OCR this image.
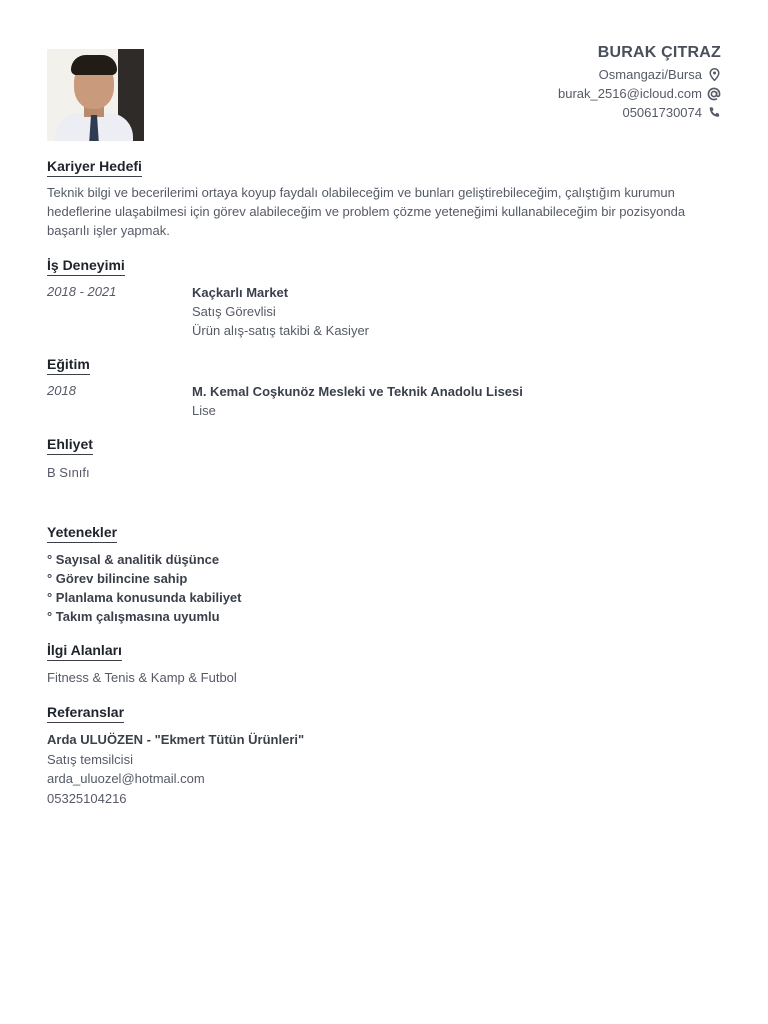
BURAK ÇITRAZ
Osmangazi/Bursa
burak_2516@icloud.com
05061730074
Kariyer Hedefi
Teknik bilgi ve becerilerimi ortaya koyup faydalı olabileceğim ve bunları geliştirebileceğim, çalıştığım kurumun hedeflerine ulaşabilmesi için görev alabileceğim ve problem çözme yeteneğimi kullanabileceğim bir pozisyonda başarılı işler yapmak.
İş Deneyimi
2018 - 2021	Kaçkarlı Market
Satış Görevlisi
Ürün alış-satış takibi & Kasiyer
Eğitim
2018	M. Kemal Coşkunöz Mesleki ve Teknik Anadolu Lisesi
Lise
Ehliyet
B Sınıfı
Yetenekler
° Sayısal & analitik düşünce
° Görev bilincine sahip
° Planlama konusunda kabiliyet
° Takım çalışmasına uyumlu
İlgi Alanları
Fitness & Tenis & Kamp & Futbol
Referanslar
Arda ULUÖZEN - "Ekmert Tütün Ürünleri"
Satış temsilcisi
arda_uluozel@hotmail.com
05325104216
